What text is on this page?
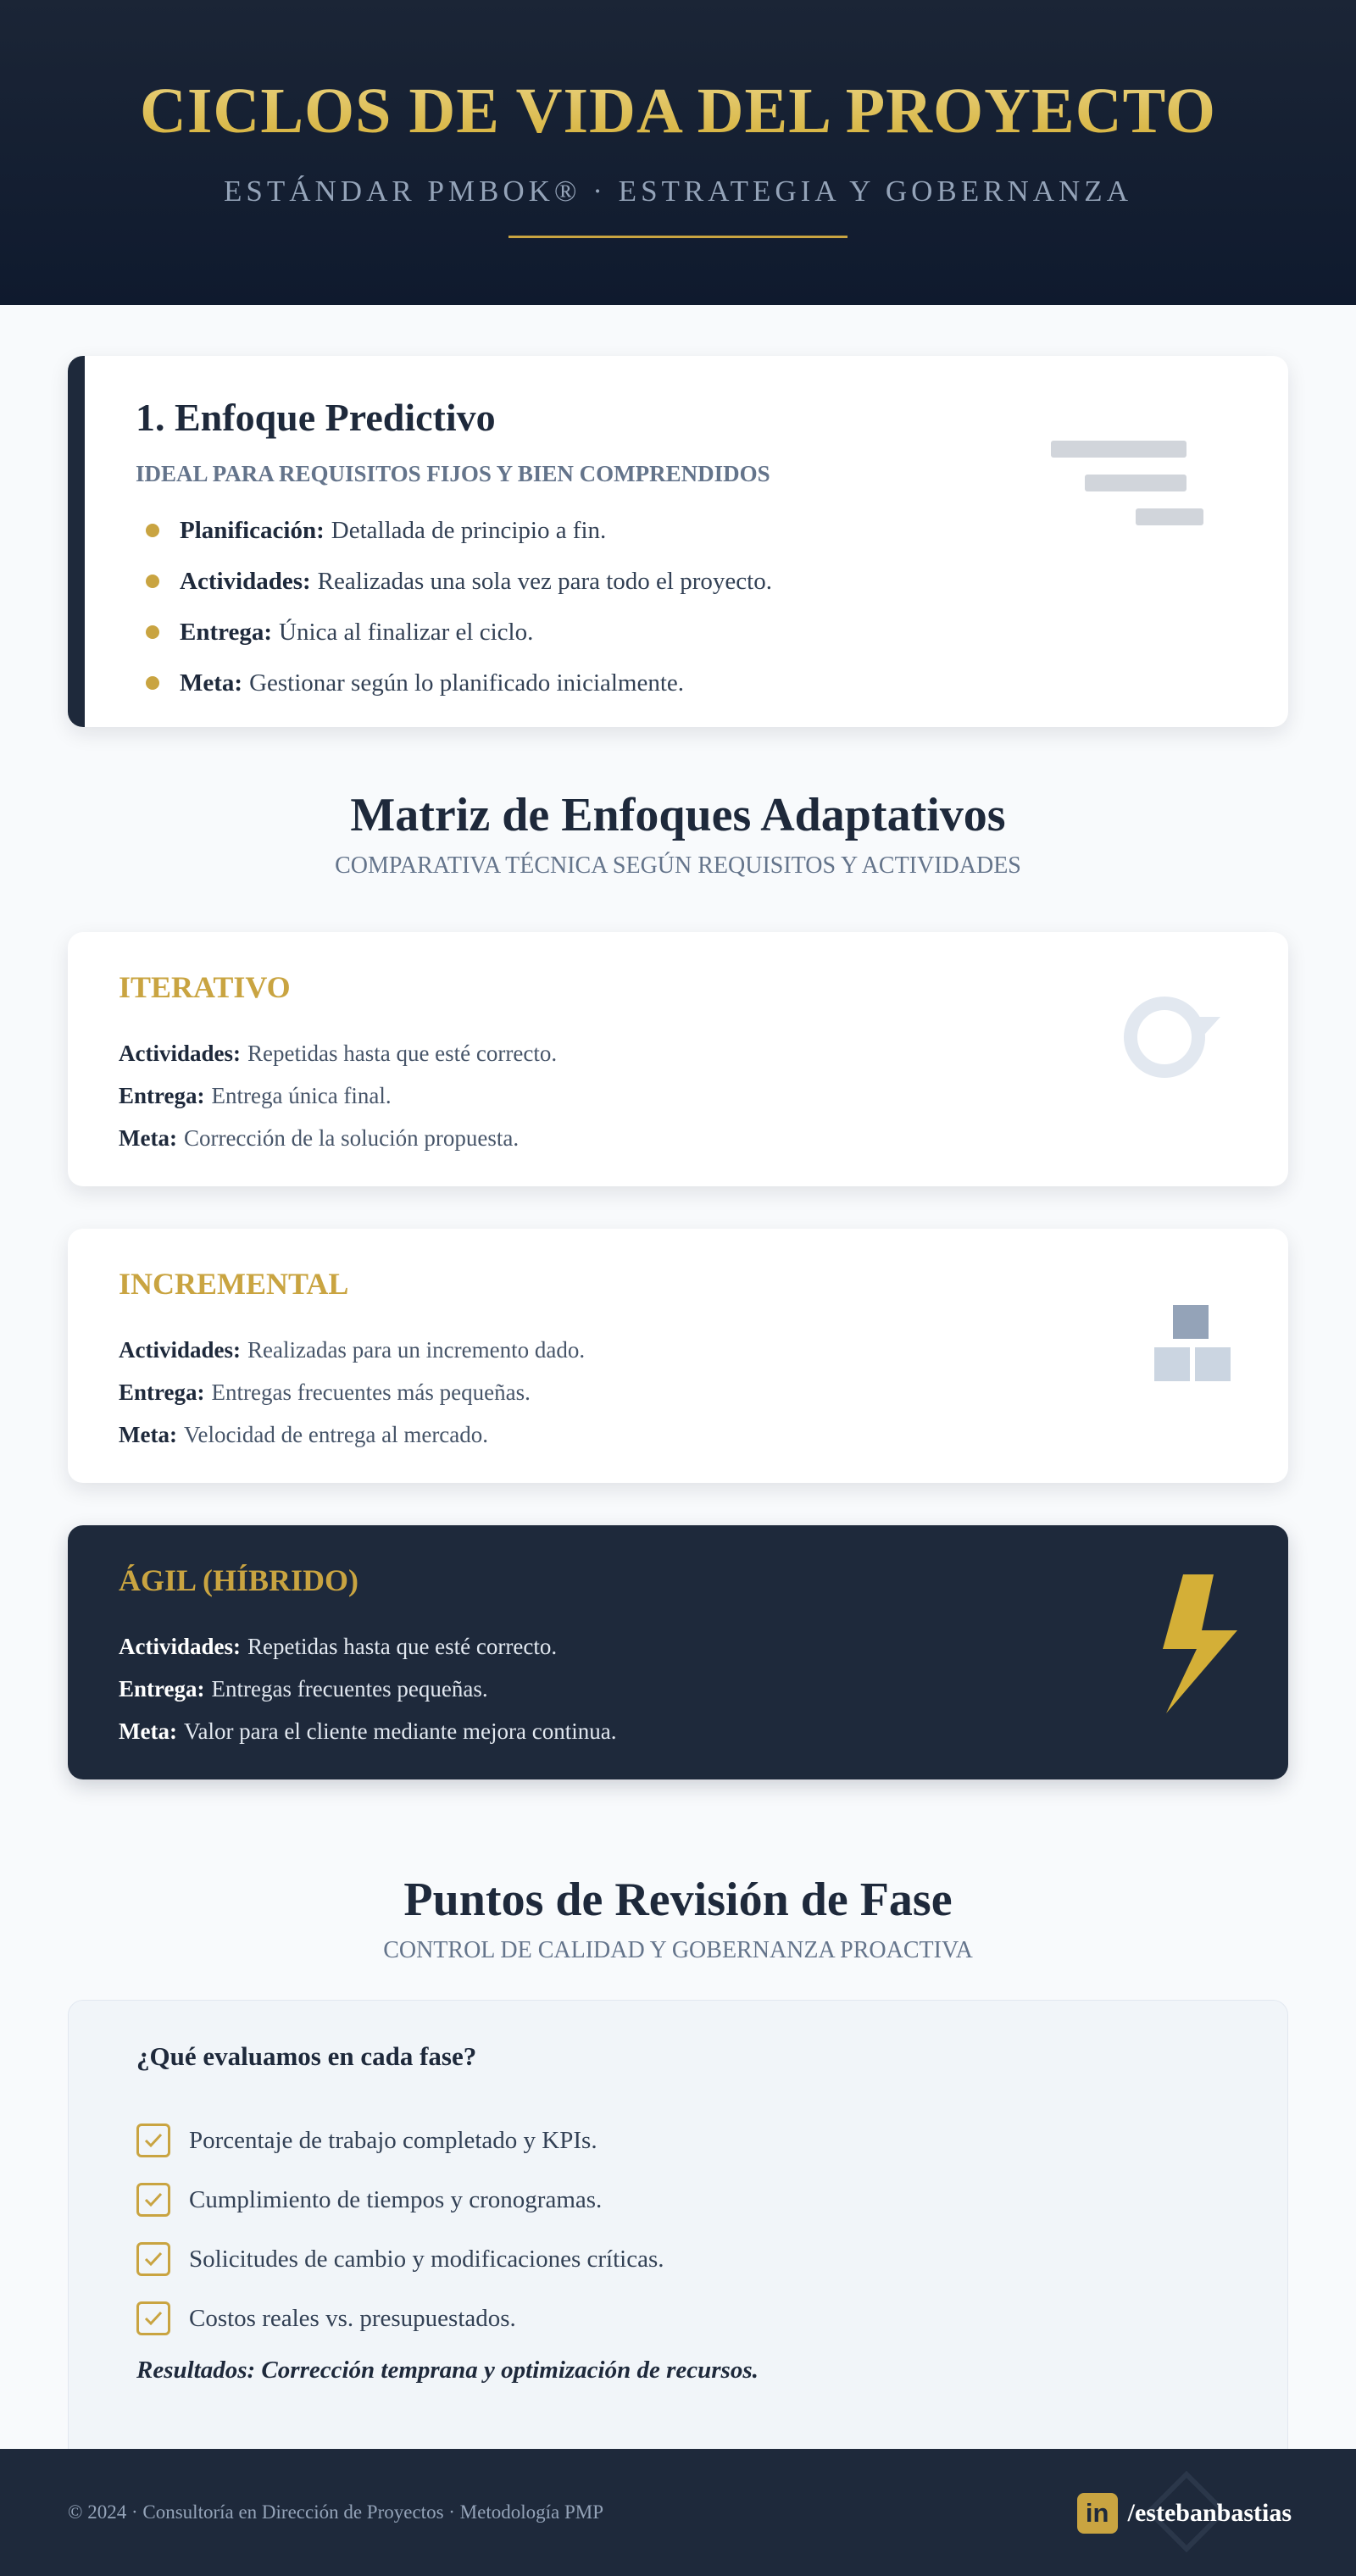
CICLOS DE VIDA DEL PROYECTO
ESTÁNDAR PMBOK® · ESTRATEGIA Y GOBERNANZA
1. Enfoque Predictivo
IDEAL PARA REQUISITOS FIJOS Y BIEN COMPRENDIDOS
Planificación: Detallada de principio a fin.
Actividades: Realizadas una sola vez para todo el proyecto.
Entrega: Única al finalizar el ciclo.
Meta: Gestionar según lo planificado inicialmente.
Matriz de Enfoques Adaptativos
COMPARATIVA TÉCNICA SEGÚN REQUISITOS Y ACTIVIDADES
ITERATIVO
Actividades: Repetidas hasta que esté correcto.
Entrega: Entrega única final.
Meta: Corrección de la solución propuesta.
INCREMENTAL
Actividades: Realizadas para un incremento dado.
Entrega: Entregas frecuentes más pequeñas.
Meta: Velocidad de entrega al mercado.
ÁGIL (HÍBRIDO)
Actividades: Repetidas hasta que esté correcto.
Entrega: Entregas frecuentes pequeñas.
Meta: Valor para el cliente mediante mejora continua.
Puntos de Revisión de Fase
CONTROL DE CALIDAD Y GOBERNANZA PROACTIVA
¿Qué evaluamos en cada fase?
Porcentaje de trabajo completado y KPIs.
Cumplimiento de tiempos y cronogramas.
Solicitudes de cambio y modificaciones críticas.
Costos reales vs. presupuestados.
Resultados: Corrección temprana y optimización de recursos.
© 2024 · Consultoría en Dirección de Proyectos · Metodología PMP	in /estebanbastias
